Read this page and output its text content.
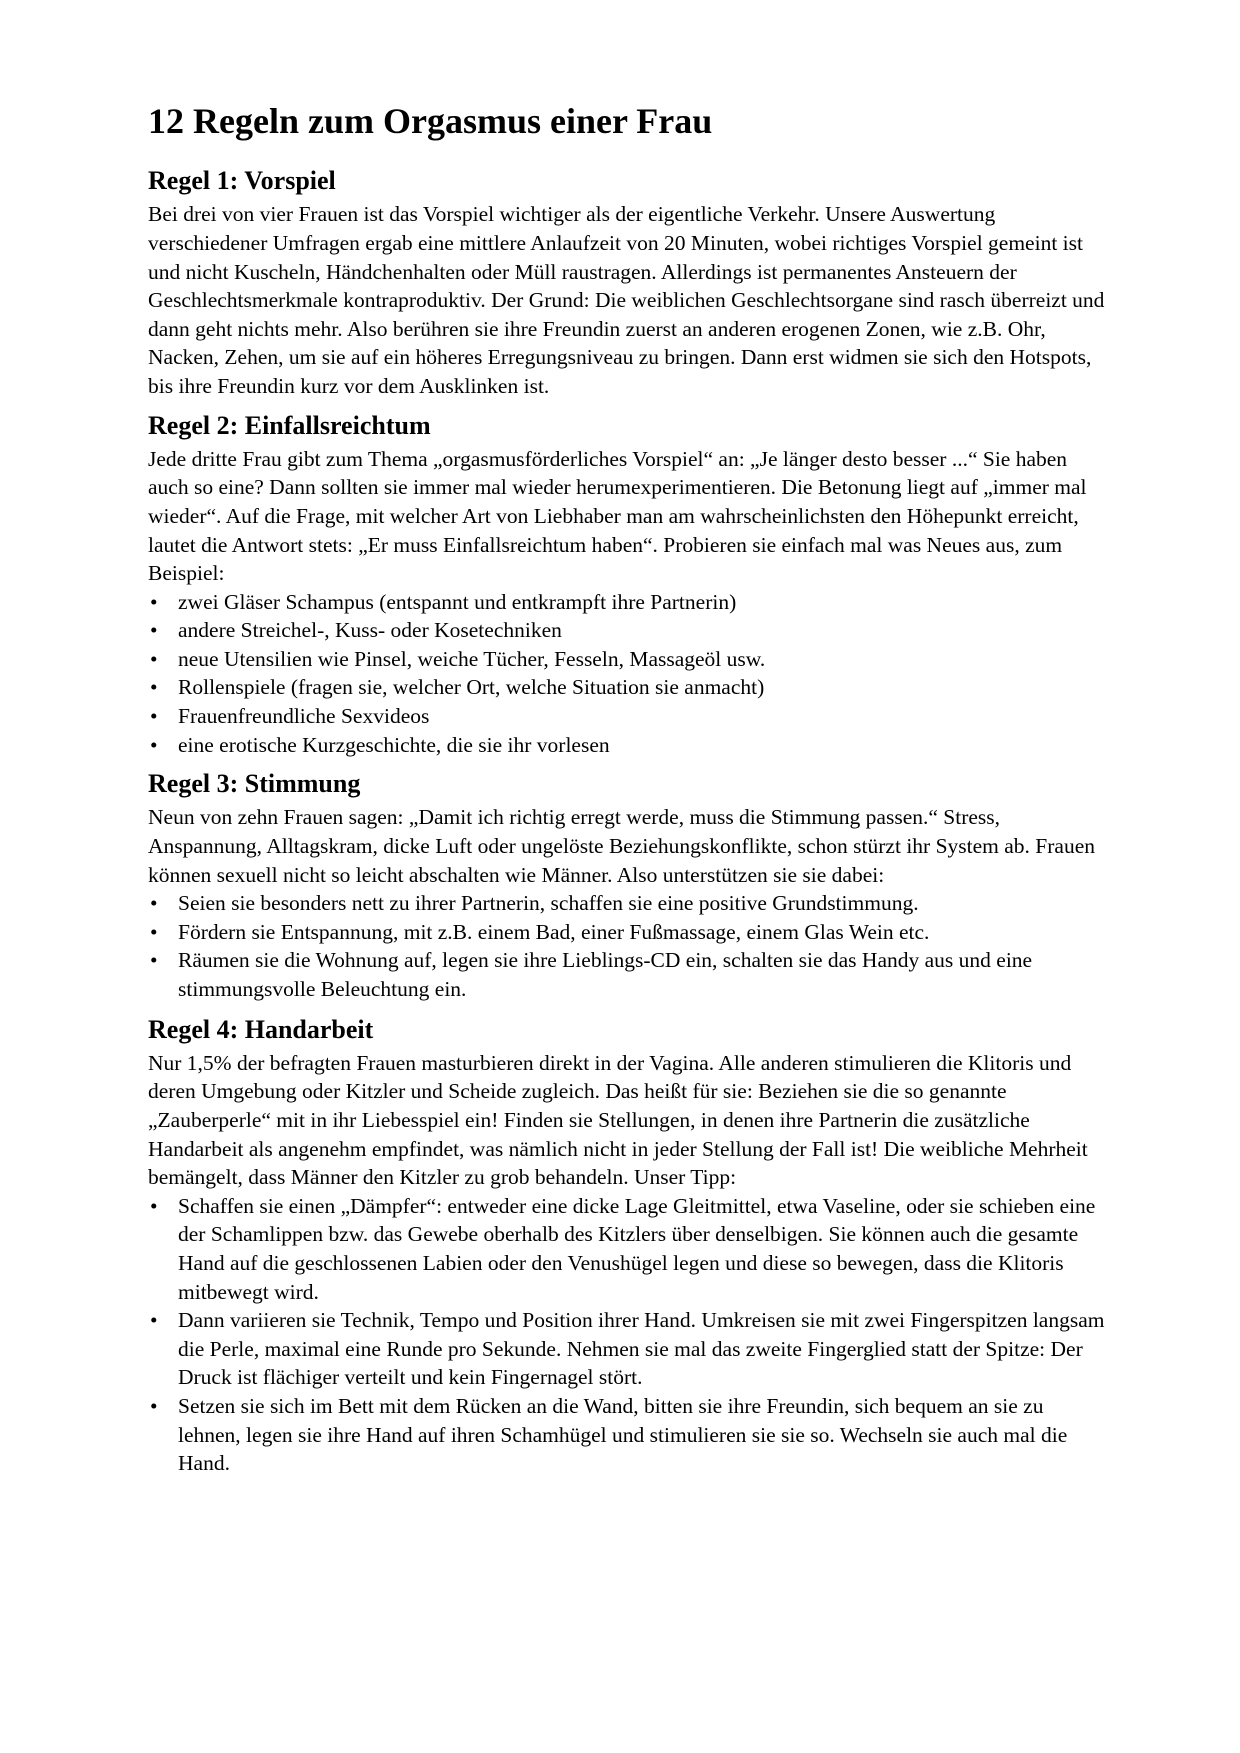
12 Regeln zum Orgasmus einer Frau
Regel 1: Vorspiel

Bei drei von vier Frauen ist das Vorspiel wichtiger als der eigentliche Verkehr. Unsere Auswertung verschiedener Umfragen ergab eine mittlere Anlaufzeit von 20 Minuten, wobei richtiges Vorspiel gemeint ist und nicht Kuscheln, Händchenhalten oder Müll raustragen. Allerdings ist permanentes Ansteuern der Geschlechtsmerkmale kontraproduktiv. Der Grund: Die weiblichen Geschlechtsorgane sind rasch überreizt und dann geht nichts mehr. Also berühren sie ihre Freundin zuerst an anderen erogenen Zonen, wie z.B. Ohr, Nacken, Zehen, um sie auf ein höheres Erregungsniveau zu bringen. Dann erst widmen sie sich den Hotspots, bis ihre Freundin kurz vor dem Ausklinken ist.

Regel 2: Einfallsreichtum

Jede dritte Frau gibt zum Thema „orgasmusförderliches Vorspiel“ an: „Je länger desto besser ...“ Sie haben auch so eine? Dann sollten sie immer mal wieder herumexperimentieren. Die Betonung liegt auf „immer mal wieder“. Auf die Frage, mit welcher Art von Liebhaber man am wahrscheinlichsten den Höhepunkt erreicht, lautet die Antwort stets: „Er muss Einfallsreichtum haben“. Probieren sie einfach mal was Neues aus, zum Beispiel:

• zwei Gläser Schampus (entspannt und entkrampft ihre Partnerin)
• andere Streichel-, Kuss- oder Kosetechniken
• neue Utensilien wie Pinsel, weiche Tücher, Fesseln, Massageöl usw.
• Rollenspiele (fragen sie, welcher Ort, welche Situation sie anmacht)
• Frauenfreundliche Sexvideos
• eine erotische Kurzgeschichte, die sie ihr vorlesen
Regel 3: Stimmung

Neun von zehn Frauen sagen: „Damit ich richtig erregt werde, muss die Stimmung passen.“ Stress, Anspannung, Alltagskram, dicke Luft oder ungelöste Beziehungskonflikte, schon stürzt ihr System ab. Frauen können sexuell nicht so leicht abschalten wie Männer. Also unterstützen sie sie dabei:

• Seien sie besonders nett zu ihrer Partnerin, schaffen sie eine positive Grundstimmung.
• Fördern sie Entspannung, mit z.B. einem Bad, einer Fußmassage, einem Glas Wein etc.
• Räumen sie die Wohnung auf, legen sie ihre Lieblings-CD ein, schalten sie das Handy aus und eine stimmungsvolle Beleuchtung ein.
Regel 4: Handarbeit

Nur 1,5% der befragten Frauen masturbieren direkt in der Vagina. Alle anderen stimulieren die Klitoris und deren Umgebung oder Kitzler und Scheide zugleich. Das heißt für sie: Beziehen sie die so genannte „Zauberperle“ mit in ihr Liebesspiel ein! Finden sie Stellungen, in denen ihre Partnerin die zusätzliche Handarbeit als angenehm empfindet, was nämlich nicht in jeder Stellung der Fall ist! Die weibliche Mehrheit bemängelt, dass Männer den Kitzler zu grob behandeln. Unser Tipp:

• Schaffen sie einen „Dämpfer“: entweder eine dicke Lage Gleitmittel, etwa Vaseline, oder sie schieben eine der Schamlippen bzw. das Gewebe oberhalb des Kitzlers über denselbigen. Sie können auch die gesamte Hand auf die geschlossenen Labien oder den Venushügel legen und diese so bewegen, dass die Klitoris mitbewegt wird.
• Dann variieren sie Technik, Tempo und Position ihrer Hand. Umkreisen sie mit zwei Fingerspitzen langsam die Perle, maximal eine Runde pro Sekunde. Nehmen sie mal das zweite Fingerglied statt der Spitze: Der Druck ist flächiger verteilt und kein Fingernagel stört.
• Setzen sie sich im Bett mit dem Rücken an die Wand, bitten sie ihre Freundin, sich bequem an sie zu lehnen, legen sie ihre Hand auf ihren Schamhügel und stimulieren sie sie so. Wechseln sie auch mal die Hand.
